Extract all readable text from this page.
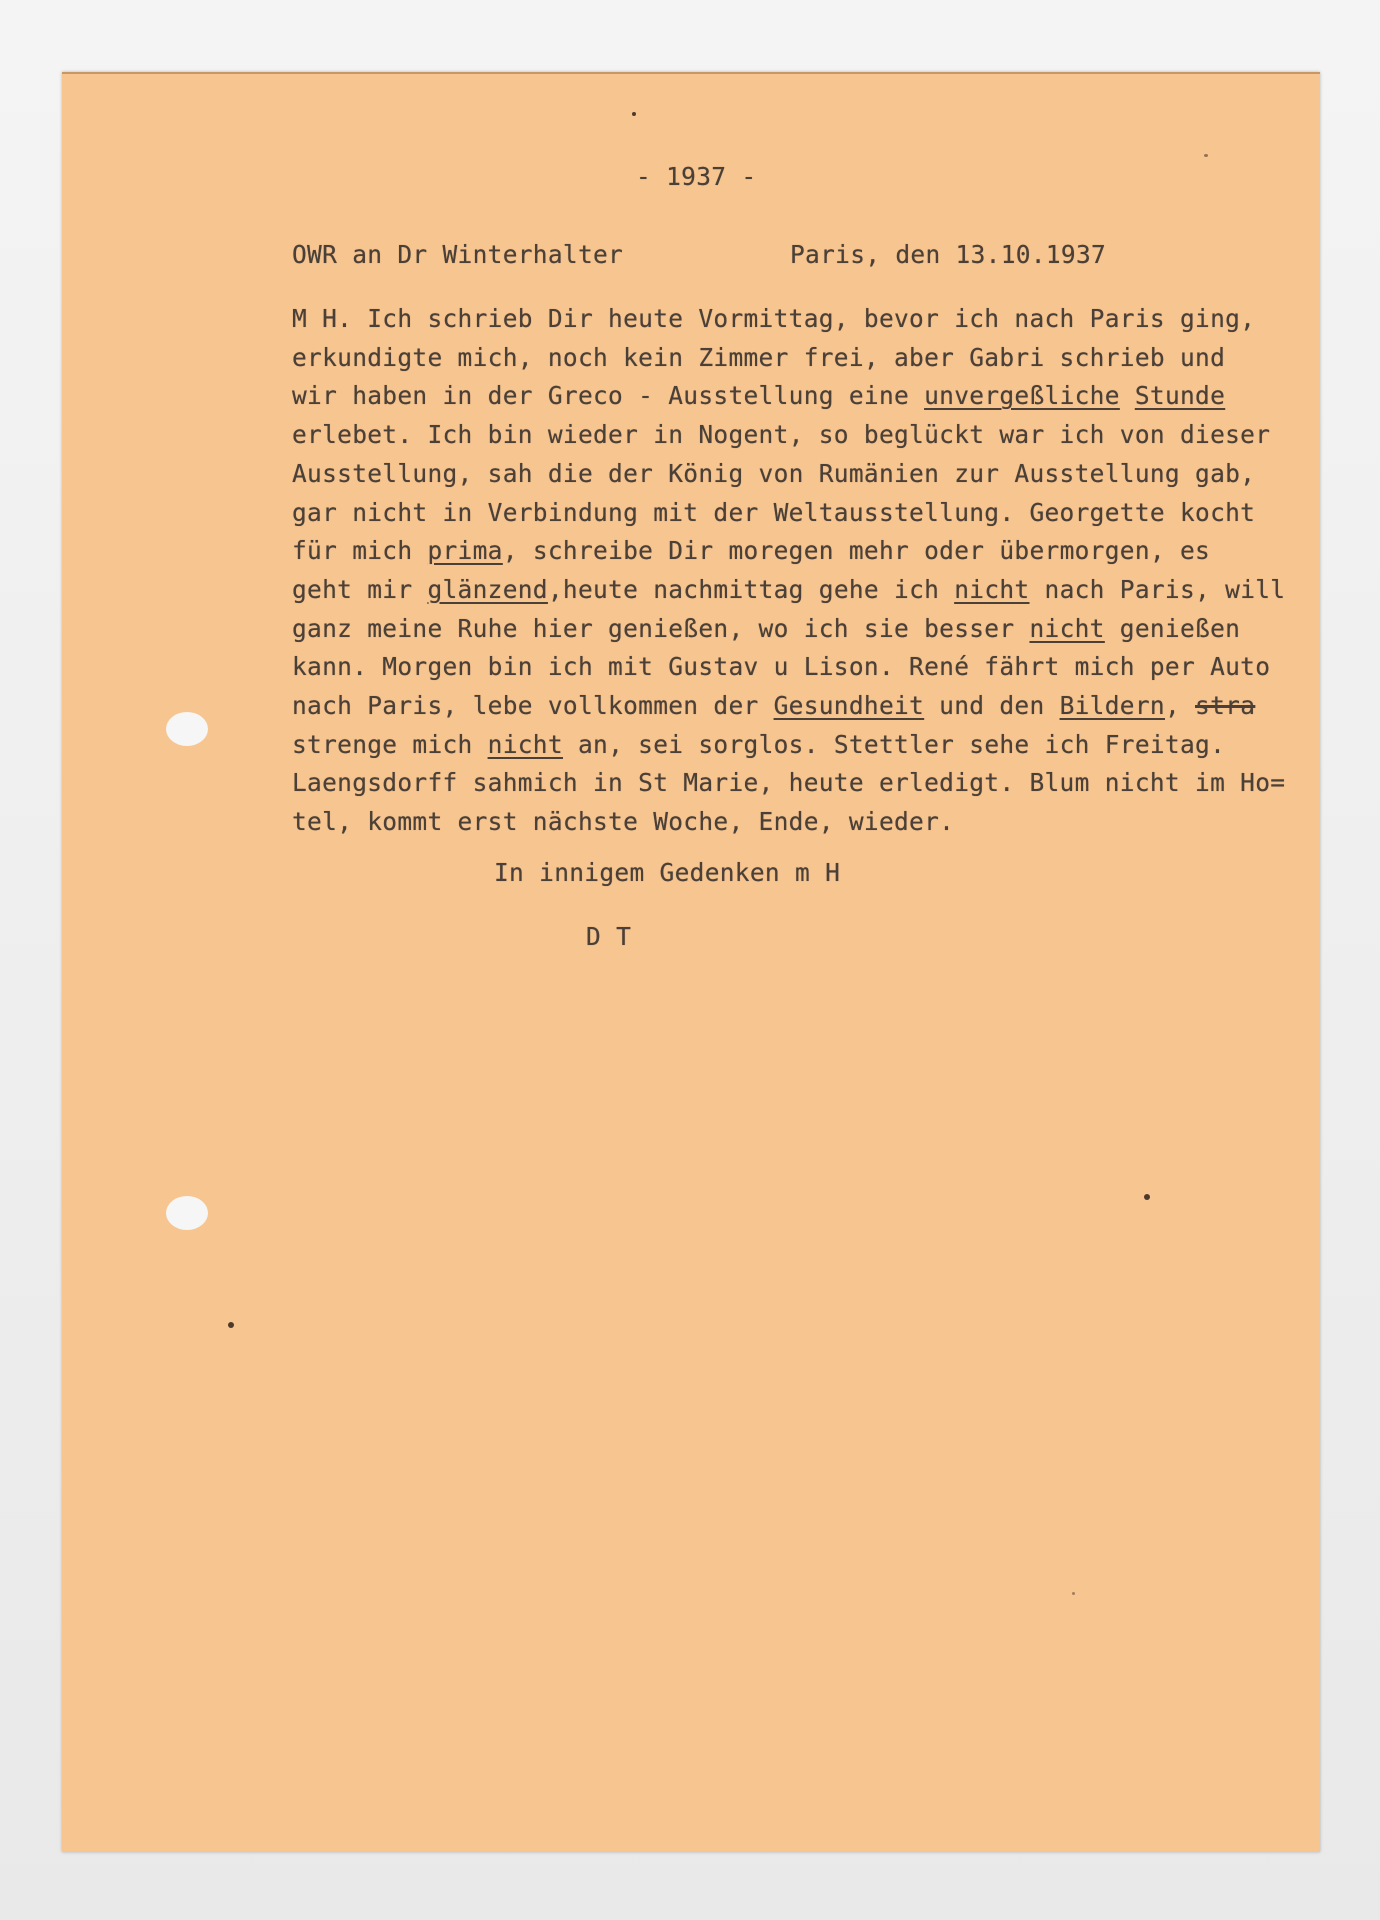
- 1937 -
OWR an Dr Winterhalter	Paris, den 13.10.1937
M H. Ich schrieb Dir heute Vormittag, bevor ich nach Paris ging,
erkundigte mich, noch kein Zimmer frei, aber Gabri schrieb und
wir haben in der Greco - Ausstellung eine unvergeßliche Stunde
erlebet. Ich bin wieder in Nogent, so beglückt war ich von dieser
Ausstellung, sah die der König von Rumänien zur Ausstellung gab,
gar nicht in Verbindung mit der Weltausstellung. Georgette kocht
für mich prima, schreibe Dir moregen mehr oder übermorgen, es
geht mir glänzend,heute nachmittag gehe ich nicht nach Paris, will
ganz meine Ruhe hier genießen, wo ich sie besser nicht genießen
kann. Morgen bin ich mit Gustav u Lison. René fährt mich per Auto
nach Paris, lebe vollkommen der Gesundheit und den Bildern, stra
strenge mich nicht an, sei sorglos. Stettler sehe ich Freitag.
Laengsdorff sahmich in St Marie, heute erledigt. Blum nicht im Ho=
tel, kommt erst nächste Woche, Ende, wieder.
In innigem Gedenken m H
D T
